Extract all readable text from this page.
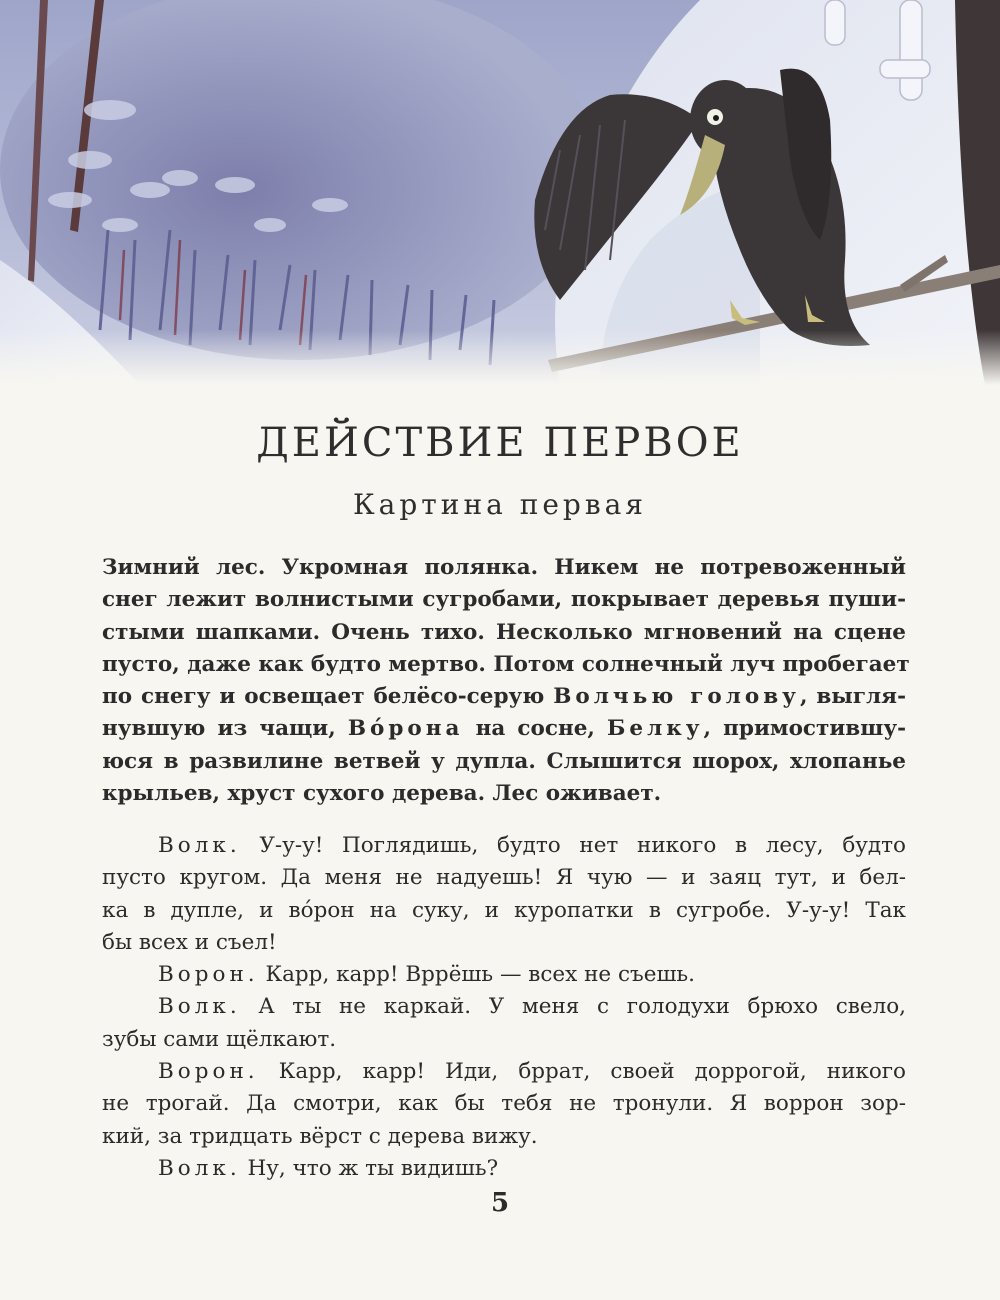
ДЕЙСТВИЕ ПЕРВОЕ
Картина первая

Зимний лес. Укромная полянка. Никем не потревоженный
снег лежит волнистыми сугробами, покрывает деревья пуши-
стыми шапками. Очень тихо. Несколько мгновений на сцене
пусто, даже как будто мертво. Потом солнечный луч пробегает
по снегу и освещает белёсо-серую Волчью голову, выгля-
нувшую из чащи, Во́рона на сосне, Белку, примостившу-
юся в развилине ветвей у дупла. Слышится шорох, хлопанье
крыльев, хруст сухого дерева. Лес оживает.

Волк. У-у-у! Поглядишь, будто нет никого в лесу, будто
пусто кругом. Да меня не надуешь! Я чую — и заяц тут, и бел-
ка в дупле, и во́рон на суку, и куропатки в сугробе. У-у-у! Так
бы всех и съел!
Ворон. Карр, карр! Вррёшь — всех не съешь.
Волк. А ты не каркай. У меня с голодухи брюхо свело,
зубы сами щёлкают.
Ворон. Карр, карр! Иди, бррат, своей доррогой, никого
не трогай. Да смотри, как бы тебя не тронули. Я воррон зор-
кий, за тридцать вёрст с дерева вижу.
Волк. Ну, что ж ты видишь?
5
